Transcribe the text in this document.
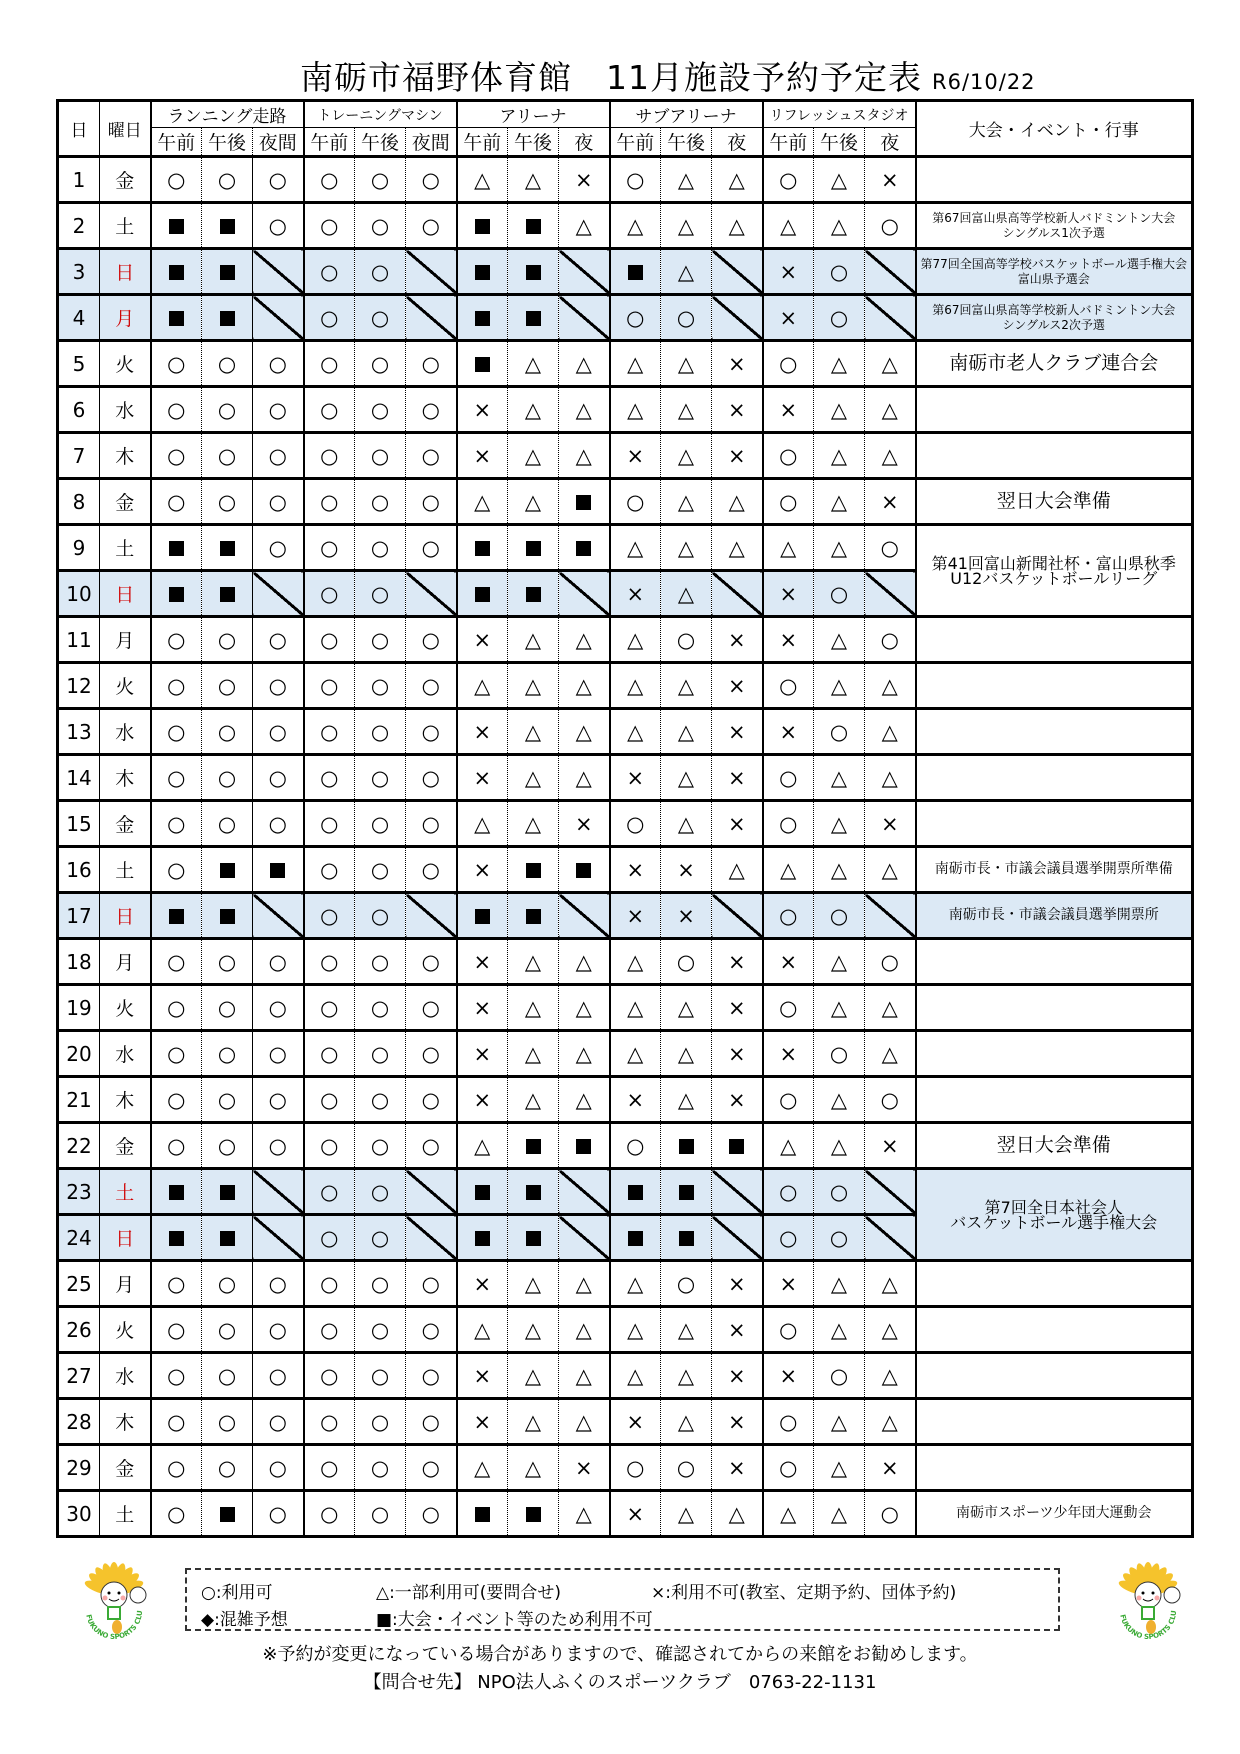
南砺市福野体育館　11月施設予約予定表 R6/10/22
日	曜日	ランニング走路			トレーニングマシン			アリーナ			サブアリーナ			リフレッシュスタジオ			大会・イベント・行事
		午前	午後	夜間	午前	午後	夜間	午前	午後	夜	午前	午後	夜	午前	午後	夜	
1	金	○	○	○	○	○	○	△	△	×	○	△	△	○	△	×	

2	土			○	○	○	○			△	△	△	△	△	△	○	第67回富山県高等学校新人バドミントン大会
シングルス1次予選

3	日				○	○						△		×	○		第77回全国高等学校バスケットボール選手権大会
富山県予選会

4	月				○	○					○	○		×	○		第67回富山県高等学校新人バドミントン大会
シングルス2次予選

5	火	○	○	○	○	○	○		△	△	△	△	×	○	△	△	南砺市老人クラブ連合会

6	水	○	○	○	○	○	○	×	△	△	△	△	×	×	△	△	

7	木	○	○	○	○	○	○	×	△	△	×	△	×	○	△	△	

8	金	○	○	○	○	○	○	△	△		○	△	△	○	△	×	翌日大会準備

9	土			○	○	○	○				△	△	△	△	△	○	第41回富山新聞社杯・富山県秋季
U12バスケットボールリーグ

10	日				○	○					×	△		×	○		
11	月	○	○	○	○	○	○	×	△	△	△	○	×	×	△	○	

12	火	○	○	○	○	○	○	△	△	△	△	△	×	○	△	△	

13	水	○	○	○	○	○	○	×	△	△	△	△	×	×	○	△	

14	木	○	○	○	○	○	○	×	△	△	×	△	×	○	△	△	

15	金	○	○	○	○	○	○	△	△	×	○	△	×	○	△	×	

16	土	○			○	○	○	×			×	×	△	△	△	△	南砺市長・市議会議員選挙開票所準備

17	日				○	○					×	×		○	○		南砺市長・市議会議員選挙開票所

18	月	○	○	○	○	○	○	×	△	△	△	○	×	×	△	○	

19	火	○	○	○	○	○	○	×	△	△	△	△	×	○	△	△	

20	水	○	○	○	○	○	○	×	△	△	△	△	×	×	○	△	

21	木	○	○	○	○	○	○	×	△	△	×	△	×	○	△	○	

22	金	○	○	○	○	○	○	△			○			△	△	×	翌日大会準備

23	土				○	○								○	○		第7回全日本社会人
バスケットボール選手権大会

24	日				○	○								○	○		
25	月	○	○	○	○	○	○	×	△	△	△	○	×	×	△	△	

26	火	○	○	○	○	○	○	△	△	△	△	△	×	○	△	△	

27	水	○	○	○	○	○	○	×	△	△	△	△	×	×	○	△	

28	木	○	○	○	○	○	○	×	△	△	×	△	×	○	△	△	

29	金	○	○	○	○	○	○	△	△	×	○	○	×	○	△	×	

30	土	○		○	○	○	○			△	×	△	△	△	△	○	南砺市スポーツ少年団大運動会
FUKUNO SPORTS CLU
FUKUNO SPORTS CLU
○:利用可	△:一部利用可(要問合せ)	×:利用不可(教室、定期予約、団体予約)
◆:混雑予想	■:大会・イベント等のため利用不可
※予約が変更になっている場合がありますので、確認されてからの来館をお勧めします。
【問合せ先】 NPO法人ふくのスポーツクラブ　0763-22-1131
